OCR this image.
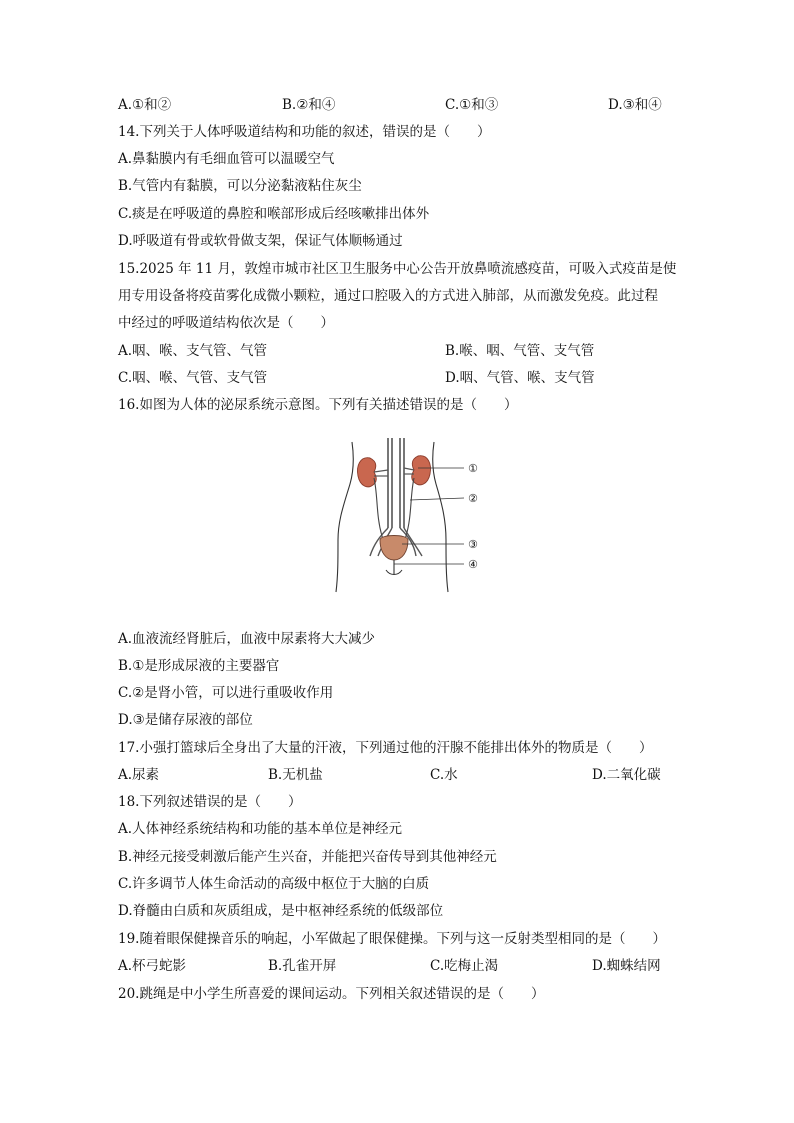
A.①和②	B.②和④	C.①和③	D.③和④
14.下列关于人体呼吸道结构和功能的叙述，错误的是（　　）
A.鼻黏膜内有毛细血管可以温暖空气
B.气管内有黏膜，可以分泌黏液粘住灰尘
C.痰是在呼吸道的鼻腔和喉部形成后经咳嗽排出体外
D.呼吸道有骨或软骨做支架，保证气体顺畅通过
15.2025 年 11 月，敦煌市城市社区卫生服务中心公告开放鼻喷流感疫苗，可吸入式疫苗是使
用专用设备将疫苗雾化成微小颗粒，通过口腔吸入的方式进入肺部，从而激发免疫。此过程
中经过的呼吸道结构依次是（　　）
A.咽、喉、支气管、气管	B.喉、咽、气管、支气管
C.咽、喉、气管、支气管	D.咽、气管、喉、支气管
16.如图为人体的泌尿系统示意图。下列有关描述错误的是（　　）
①
②
③
④
A.血液流经肾脏后，血液中尿素将大大减少
B.①是形成尿液的主要器官
C.②是肾小管，可以进行重吸收作用
D.③是储存尿液的部位
17.小强打篮球后全身出了大量的汗液，下列通过他的汗腺不能排出体外的物质是（　　）
A.尿素	B.无机盐	C.水	D.二氧化碳
18.下列叙述错误的是（　　）
A.人体神经系统结构和功能的基本单位是神经元
B.神经元接受刺激后能产生兴奋，并能把兴奋传导到其他神经元
C.许多调节人体生命活动的高级中枢位于大脑的白质
D.脊髓由白质和灰质组成，是中枢神经系统的低级部位
19.随着眼保健操音乐的响起，小军做起了眼保健操。下列与这一反射类型相同的是（　　）
A.杯弓蛇影	B.孔雀开屏	C.吃梅止渴	D.蜘蛛结网
20.跳绳是中小学生所喜爱的课间运动。下列相关叙述错误的是（　　）
